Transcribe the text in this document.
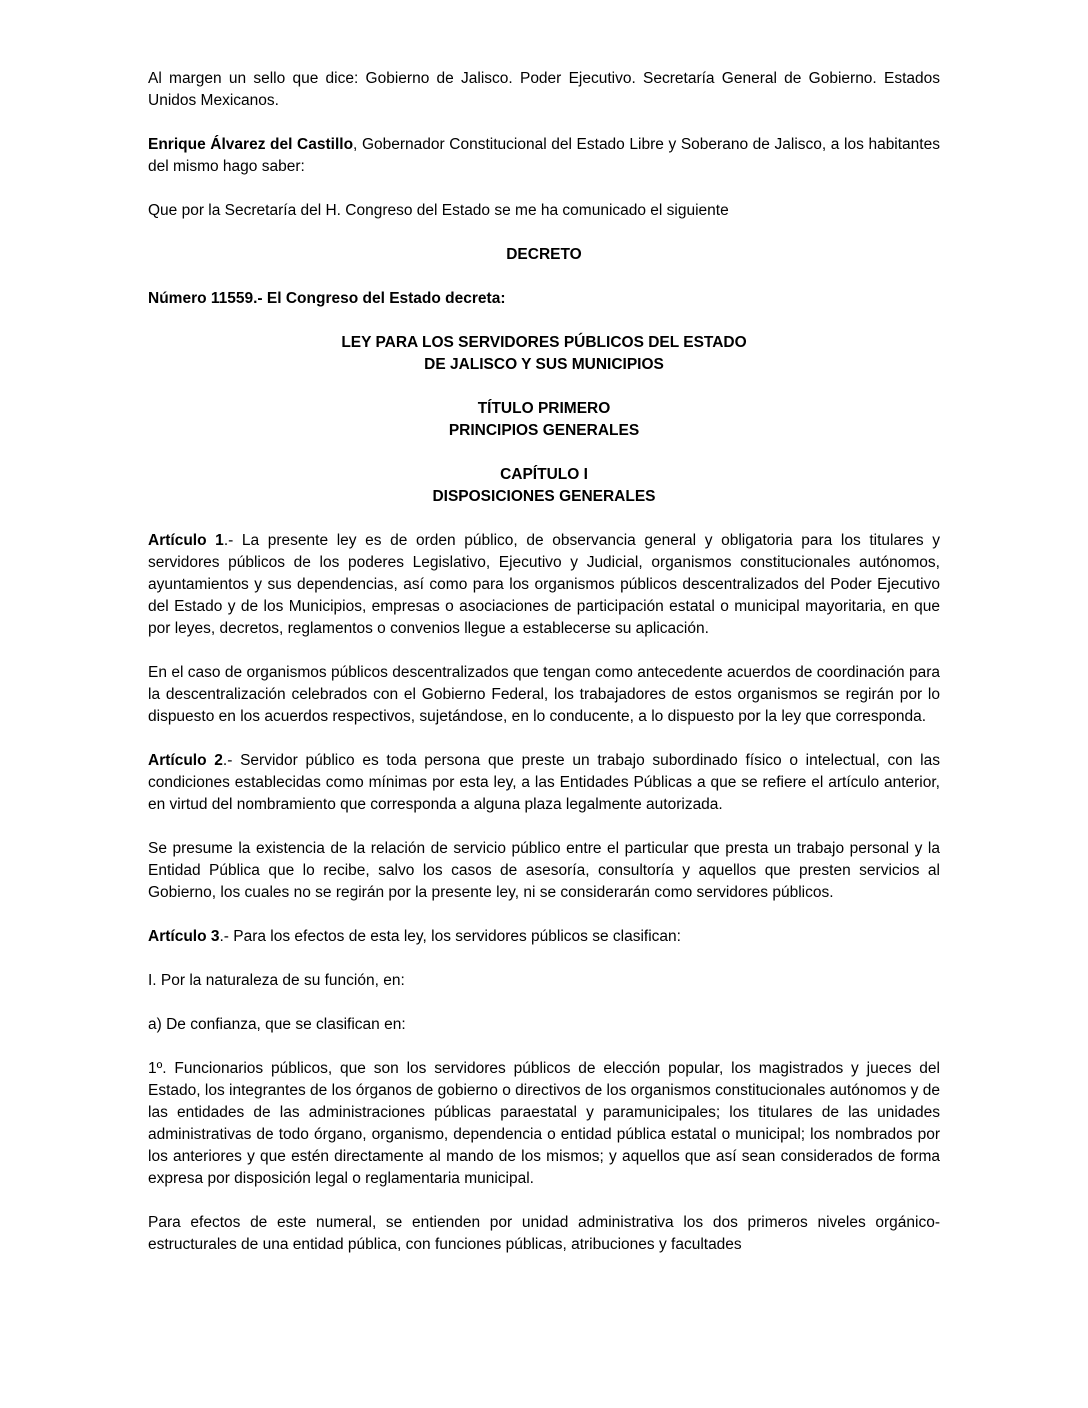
Al margen un sello que dice: Gobierno de Jalisco. Poder Ejecutivo. Secretaría General de Gobierno. Estados Unidos Mexicanos.

Enrique Álvarez del Castillo, Gobernador Constitucional del Estado Libre y Soberano de Jalisco, a los habitantes del mismo hago saber:

Que por la Secretaría del H. Congreso del Estado se me ha comunicado el siguiente

DECRETO

Número 11559.- El Congreso del Estado decreta:

LEY PARA LOS SERVIDORES PÚBLICOS DEL ESTADO

DE JALISCO Y SUS MUNICIPIOS

TÍTULO PRIMERO

PRINCIPIOS GENERALES

CAPÍTULO I

DISPOSICIONES GENERALES

Artículo 1.- La presente ley es de orden público, de observancia general y obligatoria para los titulares y servidores públicos de los poderes Legislativo, Ejecutivo y Judicial, organismos constitucionales autónomos, ayuntamientos y sus dependencias, así como para los organismos públicos descentralizados del Poder Ejecutivo del Estado y de los Municipios, empresas o asociaciones de participación estatal o municipal mayoritaria, en que por leyes, decretos, reglamentos o convenios llegue a establecerse su aplicación.

En el caso de organismos públicos descentralizados que tengan como antecedente acuerdos de coordinación para la descentralización celebrados con el Gobierno Federal, los trabajadores de estos organismos se regirán por lo dispuesto en los acuerdos respectivos, sujetándose, en lo conducente, a lo dispuesto por la ley que corresponda.

Artículo 2.- Servidor público es toda persona que preste un trabajo subordinado físico o intelectual, con las condiciones establecidas como mínimas por esta ley, a las Entidades Públicas a que se refiere el artículo anterior, en virtud del nombramiento que corresponda a alguna plaza legalmente autorizada.

Se presume la existencia de la relación de servicio público entre el particular que presta un trabajo personal y la Entidad Pública que lo recibe, salvo los casos de asesoría, consultoría y aquellos que presten servicios al Gobierno, los cuales no se regirán por la presente ley, ni se considerarán como servidores públicos.

Artículo 3.- Para los efectos de esta ley, los servidores públicos se clasifican:

I. Por la naturaleza de su función, en:

a) De confianza, que se clasifican en:

1º. Funcionarios públicos, que son los servidores públicos de elección popular, los magistrados y jueces del Estado, los integrantes de los órganos de gobierno o directivos de los organismos constitucionales autónomos y de las entidades de las administraciones públicas paraestatal y paramunicipales; los titulares de las unidades administrativas de todo órgano, organismo, dependencia o entidad pública estatal o municipal; los nombrados por los anteriores y que estén directamente al mando de los mismos; y aquellos que así sean considerados de forma expresa por disposición legal o reglamentaria municipal.

Para efectos de este numeral, se entienden por unidad administrativa los dos primeros niveles orgánico-estructurales de una entidad pública, con funciones públicas, atribuciones y facultades
